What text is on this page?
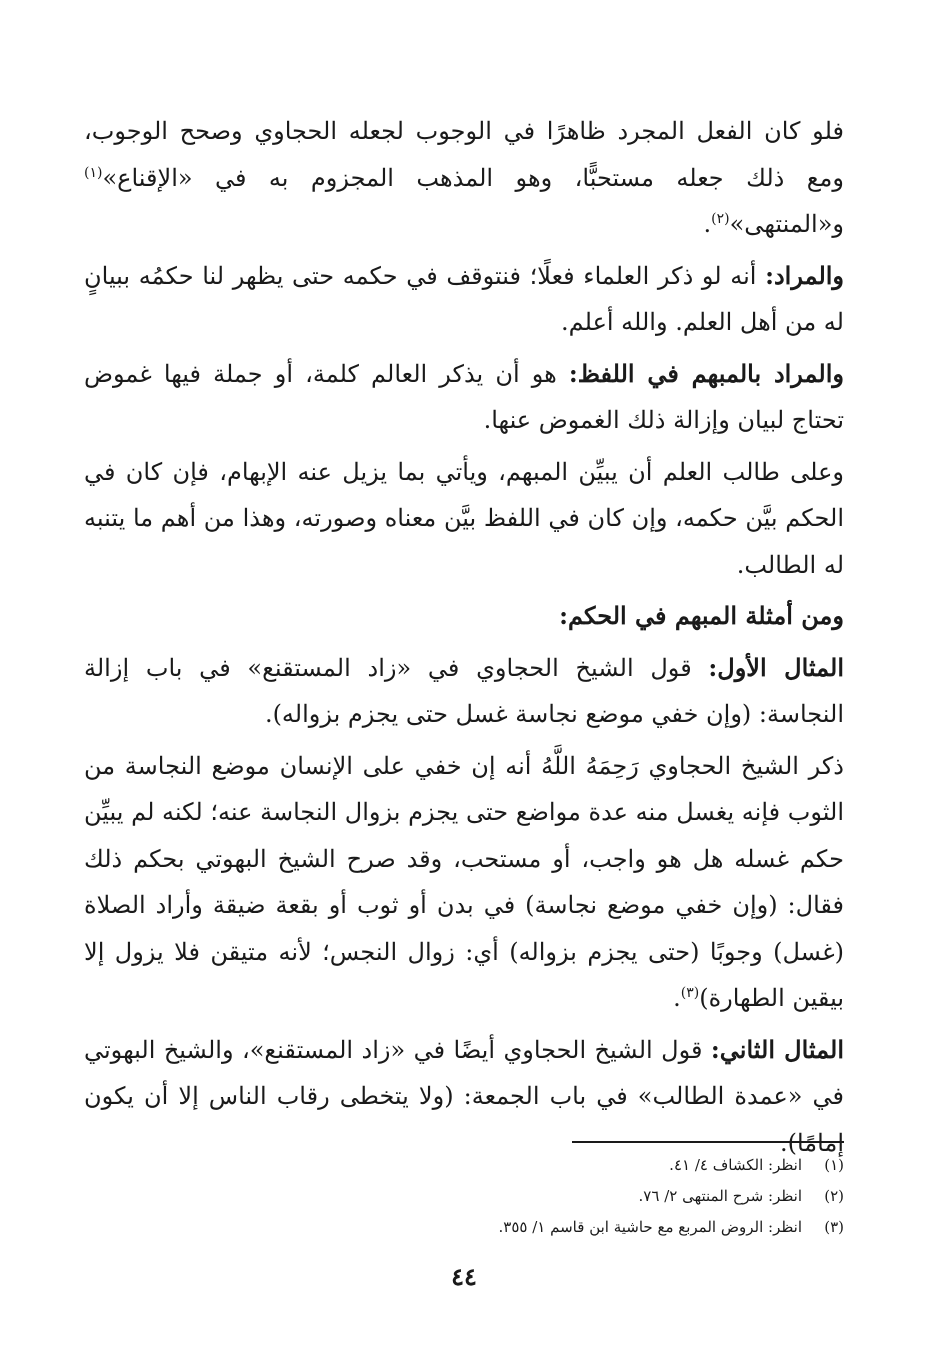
فلو كان الفعل المجرد ظاهرًا في الوجوب لجعله الحجاوي وصحح الوجوب، ومع ذلك جعله مستحبًّا، وهو المذهب المجزوم به في «الإقناع»$^{(١)}$ و«المنتهى»$^{(٢)}$.

والمراد: أنه لو ذكر العلماء فعلًا؛ فنتوقف في حكمه حتى يظهر لنا حكمُه ببيانٍ له من أهل العلم. والله أعلم.

والمراد بالمبهم في اللفظ: هو أن يذكر العالم كلمة، أو جملة فيها غموض تحتاج لبيان وإزالة ذلك الغموض عنها.

وعلى طالب العلم أن يبيِّن المبهم، ويأتي بما يزيل عنه الإبهام، فإن كان في الحكم بيَّن حكمه، وإن كان في اللفظ بيَّن معناه وصورته، وهذا من أهم ما يتنبه له الطالب.

ومن أمثلة المبهم في الحكم:

المثال الأول: قول الشيخ الحجاوي في «زاد المستقنع» في باب إزالة النجاسة: (وإن خفي موضع نجاسة غسل حتى يجزم بزواله).

ذكر الشيخ الحجاوي رَحِمَهُ اللَّهُ أنه إن خفي على الإنسان موضع النجاسة من الثوب فإنه يغسل منه عدة مواضع حتى يجزم بزوال النجاسة عنه؛ لكنه لم يبيِّن حكم غسله هل هو واجب، أو مستحب، وقد صرح الشيخ البهوتي بحكم ذلك فقال: (وإن خفي موضع نجاسة) في بدن أو ثوب أو بقعة ضيقة وأراد الصلاة (غسل) وجوبًا (حتى يجزم بزواله) أي: زوال النجس؛ لأنه متيقن فلا يزول إلا بيقين الطهارة)$^{(٣)}$.

المثال الثاني: قول الشيخ الحجاوي أيضًا في «زاد المستقنع»، والشيخ البهوتي في «عمدة الطالب» في باب الجمعة: (ولا يتخطى رقاب الناس إلا أن يكون إمامًا).

(١)
انظر: الكشاف ٤/ ٤١.
(٢)
انظر: شرح المنتهى ٢/ ٧٦.
(٣)
انظر: الروض المربع مع حاشية ابن قاسم ١/ ٣٥٥.
٤٤
